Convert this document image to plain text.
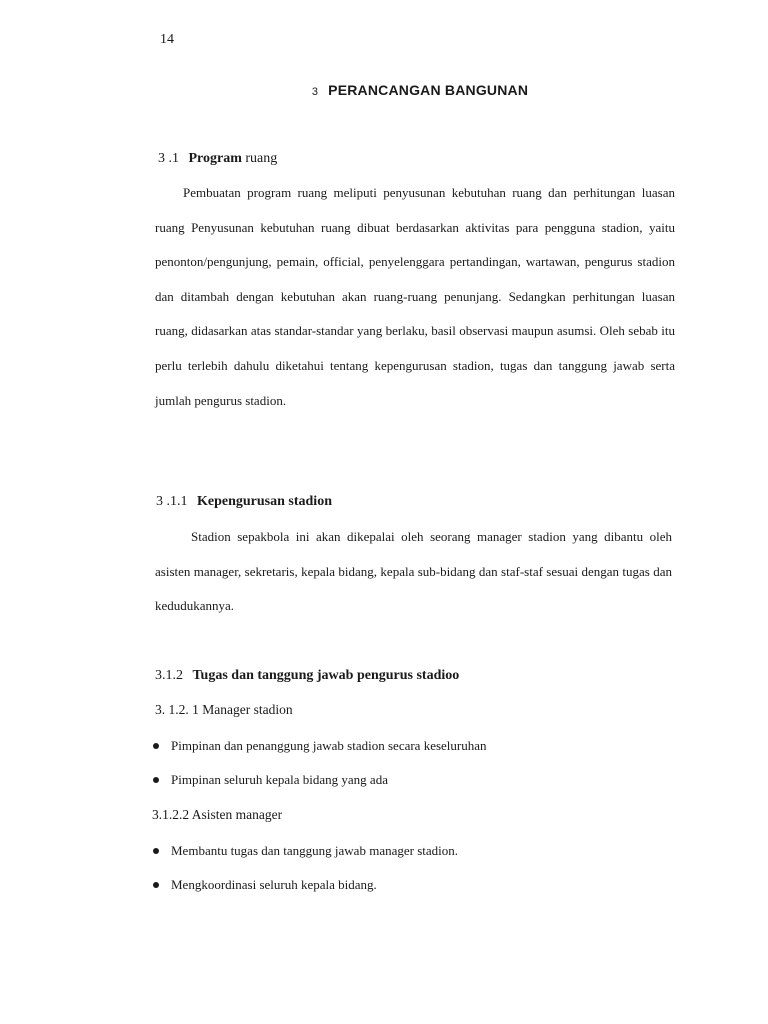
14
3 PERANCANGAN BANGUNAN
3 .1 Program ruang

Pembuatan program ruang meliputi penyusunan kebutuhan ruang dan perhitungan luasan ruang Penyusunan kebutuhan ruang dibuat berdasarkan aktivitas para pengguna stadion, yaitu penonton/pengunjung, pemain, official, penyelenggara pertandingan, wartawan, pengurus stadion dan ditambah dengan kebutuhan akan ruang-ruang penunjang. Sedangkan perhitungan luasan ruang, didasarkan atas standar-standar yang berlaku, basil observasi maupun asumsi. Oleh sebab itu perlu terlebih dahulu diketahui tentang kepengurusan stadion, tugas dan tanggung jawab serta jumlah pengurus stadion.

3 .1.1 Kepengurusan stadion

Stadion sepakbola ini akan dikepalai oleh seorang manager stadion yang dibantu oleh asisten manager, sekretaris, kepala bidang, kepala sub-bidang dan staf-staf sesuai dengan tugas dan kedudukannya.

3.1.2 Tugas dan tanggung jawab pengurus stadioo
3. 1.2. 1 Manager stadion
Pimpinan dan penanggung jawab stadion secara keseluruhan
Pimpinan seluruh kepala bidang yang ada
3.1.2.2 Asisten manager
Membantu tugas dan tanggung jawab manager stadion.
Mengkoordinasi seluruh kepala bidang.
